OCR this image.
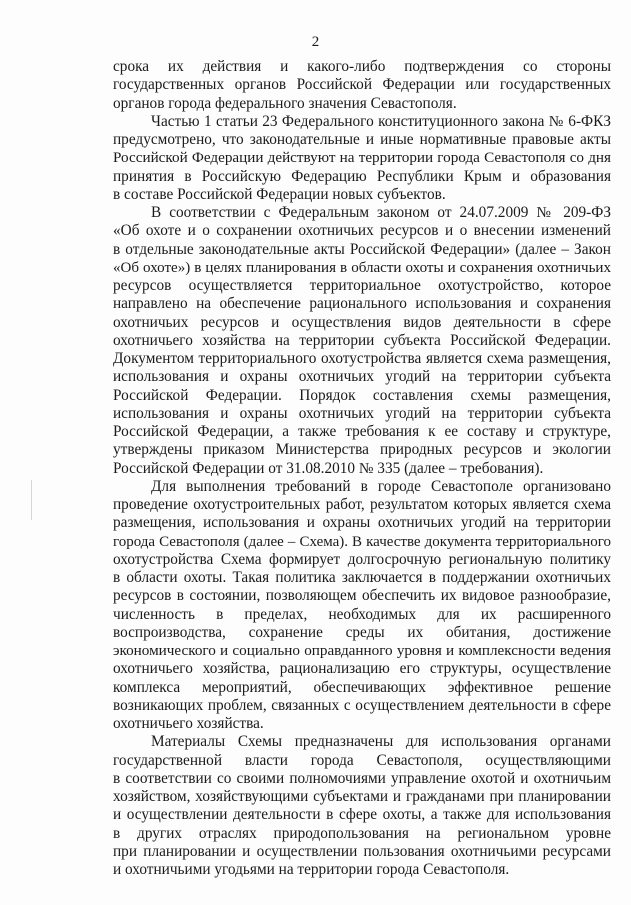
2
срока их действия и какого-либо подтверждения со стороны
государственных органов Российской Федерации или государственных
органов города федерального значения Севастополя.
Частью 1 статьи 23 Федерального конституционного закона № 6-ФКЗ
предусмотрено, что законодательные и иные нормативные правовые акты
Российской Федерации действуют на территории города Севастополя со дня
принятия в Российскую Федерацию Республики Крым и образования
в составе Российской Федерации новых субъектов.
В соответствии с Федеральным законом от 24.07.2009 № 209-ФЗ
«Об охоте и о сохранении охотничьих ресурсов и о внесении изменений
в отдельные законодательные акты Российской Федерации» (далее – Закон
«Об охоте») в целях планирования в области охоты и сохранения охотничьих
ресурсов осуществляется территориальное охотустройство, которое
направлено на обеспечение рационального использования и сохранения
охотничьих ресурсов и осуществления видов деятельности в сфере
охотничьего хозяйства на территории субъекта Российской Федерации.
Документом территориального охотустройства является схема размещения,
использования и охраны охотничьих угодий на территории субъекта
Российской Федерации. Порядок составления схемы размещения,
использования и охраны охотничьих угодий на территории субъекта
Российской Федерации, а также требования к ее составу и структуре,
утверждены приказом Министерства природных ресурсов и экологии
Российской Федерации от 31.08.2010 № 335 (далее – требования).
Для выполнения требований в городе Севастополе организовано
проведение охотустроительных работ, результатом которых является схема
размещения, использования и охраны охотничьих угодий на территории
города Севастополя (далее – Схема). В качестве документа территориального
охотустройства Схема формирует долгосрочную региональную политику
в области охоты. Такая политика заключается в поддержании охотничьих
ресурсов в состоянии, позволяющем обеспечить их видовое разнообразие,
численность в пределах, необходимых для их расширенного
воспроизводства, сохранение среды их обитания, достижение
экономического и социально оправданного уровня и комплексности ведения
охотничьего хозяйства, рационализацию его структуры, осуществление
комплекса мероприятий, обеспечивающих эффективное решение
возникающих проблем, связанных с осуществлением деятельности в сфере
охотничьего хозяйства.
Материалы Схемы предназначены для использования органами
государственной власти города Севастополя, осуществляющими
в соответствии со своими полномочиями управление охотой и охотничьим
хозяйством, хозяйствующими субъектами и гражданами при планировании
и осуществлении деятельности в сфере охоты, а также для использования
в других отраслях природопользования на региональном уровне
при планировании и осуществлении пользования охотничьими ресурсами
и охотничьими угодьями на территории города Севастополя.
